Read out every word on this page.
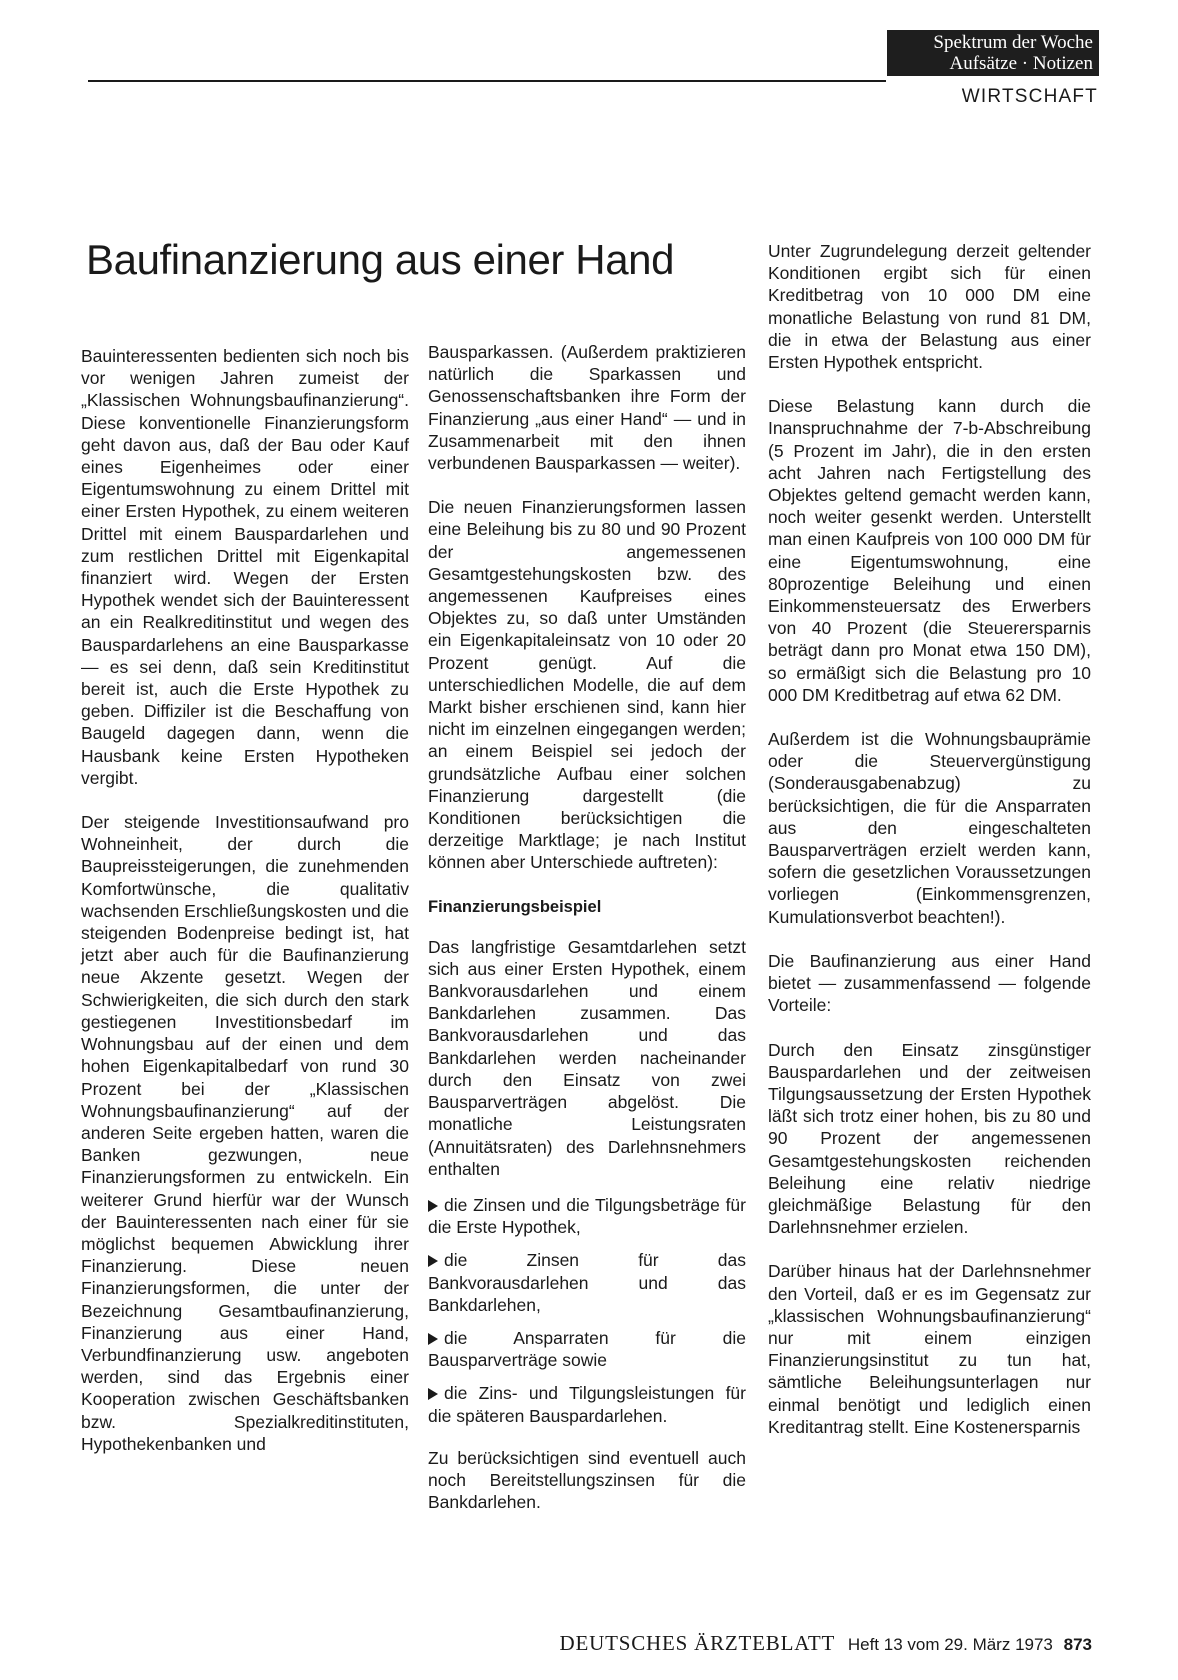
Spektrum der Woche
Aufsätze · Notizen
WIRTSCHAFT
Baufinanzierung aus einer Hand

Bauinteressenten bedienten sich noch bis vor wenigen Jahren zumeist der „Klassischen Wohnungsbaufinanzierung“. Diese konventionelle Finanzierungsform geht davon aus, daß der Bau oder Kauf eines Eigenheimes oder einer Eigentumswohnung zu einem Drittel mit einer Ersten Hypothek, zu einem weiteren Drittel mit einem Bauspardarlehen und zum restlichen Drittel mit Eigenkapital finanziert wird. Wegen der Ersten Hypothek wendet sich der Bauinteressent an ein Realkreditinstitut und wegen des Bauspardarlehens an eine Bausparkasse — es sei denn, daß sein Kreditinstitut bereit ist, auch die Erste Hypothek zu geben. Diffiziler ist die Beschaffung von Baugeld dagegen dann, wenn die Hausbank keine Ersten Hypotheken vergibt.

Der steigende Investitionsaufwand pro Wohneinheit, der durch die Baupreissteigerungen, die zunehmenden Komfortwünsche, die qualitativ wachsenden Erschließungskosten und die steigenden Bodenpreise bedingt ist, hat jetzt aber auch für die Baufinanzierung neue Akzente gesetzt. Wegen der Schwierigkeiten, die sich durch den stark gestiegenen Investitionsbedarf im Wohnungsbau auf der einen und dem hohen Eigenkapitalbedarf von rund 30 Prozent bei der „Klassischen Wohnungsbaufinanzierung“ auf der anderen Seite ergeben hatten, waren die Banken gezwungen, neue Finanzierungsformen zu entwickeln. Ein weiterer Grund hierfür war der Wunsch der Bauinteressenten nach einer für sie möglichst bequemen Abwicklung ihrer Finanzierung. Diese neuen Finanzierungsformen, die unter der Bezeichnung Gesamtbaufinanzierung, Finanzierung aus einer Hand, Verbundfinanzierung usw. angeboten werden, sind das Ergebnis einer Kooperation zwischen Geschäftsbanken bzw. Spezialkreditinstituten, Hypothekenbanken und

Bausparkassen. (Außerdem praktizieren natürlich die Sparkassen und Genossenschaftsbanken ihre Form der Finanzierung „aus einer Hand“ — und in Zusammenarbeit mit den ihnen verbundenen Bausparkassen — weiter).

Die neuen Finanzierungsformen lassen eine Beleihung bis zu 80 und 90 Prozent der angemessenen Gesamtgestehungskosten bzw. des angemessenen Kaufpreises eines Objektes zu, so daß unter Umständen ein Eigenkapitaleinsatz von 10 oder 20 Prozent genügt. Auf die unterschiedlichen Modelle, die auf dem Markt bisher erschienen sind, kann hier nicht im einzelnen eingegangen werden; an einem Beispiel sei jedoch der grundsätzliche Aufbau einer solchen Finanzierung dargestellt (die Konditionen berücksichtigen die derzeitige Marktlage; je nach Institut können aber Unterschiede auftreten):

Finanzierungsbeispiel

Das langfristige Gesamtdarlehen setzt sich aus einer Ersten Hypothek, einem Bankvorausdarlehen und einem Bankdarlehen zusammen. Das Bankvorausdarlehen und das Bankdarlehen werden nacheinander durch den Einsatz von zwei Bausparverträgen abgelöst. Die monatliche Leistungsraten (Annuitätsraten) des Darlehnsnehmers enthalten

die Zinsen und die Tilgungsbeträge für die Erste Hypothek,
die Zinsen für das Bankvorausdarlehen und das Bankdarlehen,
die Ansparraten für die Bausparverträge sowie
die Zins- und Tilgungsleistungen für die späteren Bauspardarlehen.

Zu berücksichtigen sind eventuell auch noch Bereitstellungszinsen für die Bankdarlehen.

Unter Zugrundelegung derzeit geltender Konditionen ergibt sich für einen Kreditbetrag von 10 000 DM eine monatliche Belastung von rund 81 DM, die in etwa der Belastung aus einer Ersten Hypothek entspricht.

Diese Belastung kann durch die Inanspruchnahme der 7-b-Abschreibung (5 Prozent im Jahr), die in den ersten acht Jahren nach Fertigstellung des Objektes geltend gemacht werden kann, noch weiter gesenkt werden. Unterstellt man einen Kaufpreis von 100 000 DM für eine Eigentumswohnung, eine 80prozentige Beleihung und einen Einkommensteuersatz des Erwerbers von 40 Prozent (die Steuerersparnis beträgt dann pro Monat etwa 150 DM), so ermäßigt sich die Belastung pro 10 000 DM Kreditbetrag auf etwa 62 DM.

Außerdem ist die Wohnungsbauprämie oder die Steuervergünstigung (Sonderausgabenabzug) zu berücksichtigen, die für die Ansparraten aus den eingeschalteten Bausparverträgen erzielt werden kann, sofern die gesetzlichen Voraussetzungen vorliegen (Einkommensgrenzen, Kumulationsverbot beachten!).

Die Baufinanzierung aus einer Hand bietet — zusammenfassend — folgende Vorteile:

Durch den Einsatz zinsgünstiger Bauspardarlehen und der zeitweisen Tilgungsaussetzung der Ersten Hypothek läßt sich trotz einer hohen, bis zu 80 und 90 Prozent der angemessenen Gesamtgestehungskosten reichenden Beleihung eine relativ niedrige gleichmäßige Belastung für den Darlehnsnehmer erzielen.

Darüber hinaus hat der Darlehnsnehmer den Vorteil, daß er es im Gegensatz zur „klassischen Wohnungsbaufinanzierung“ nur mit einem einzigen Finanzierungsinstitut zu tun hat, sämtliche Beleihungsunterlagen nur einmal benötigt und lediglich einen Kreditantrag stellt. Eine Kostenersparnis

DEUTSCHES ÄRZTEBLATT Heft 13 vom 29. März 1973 873
